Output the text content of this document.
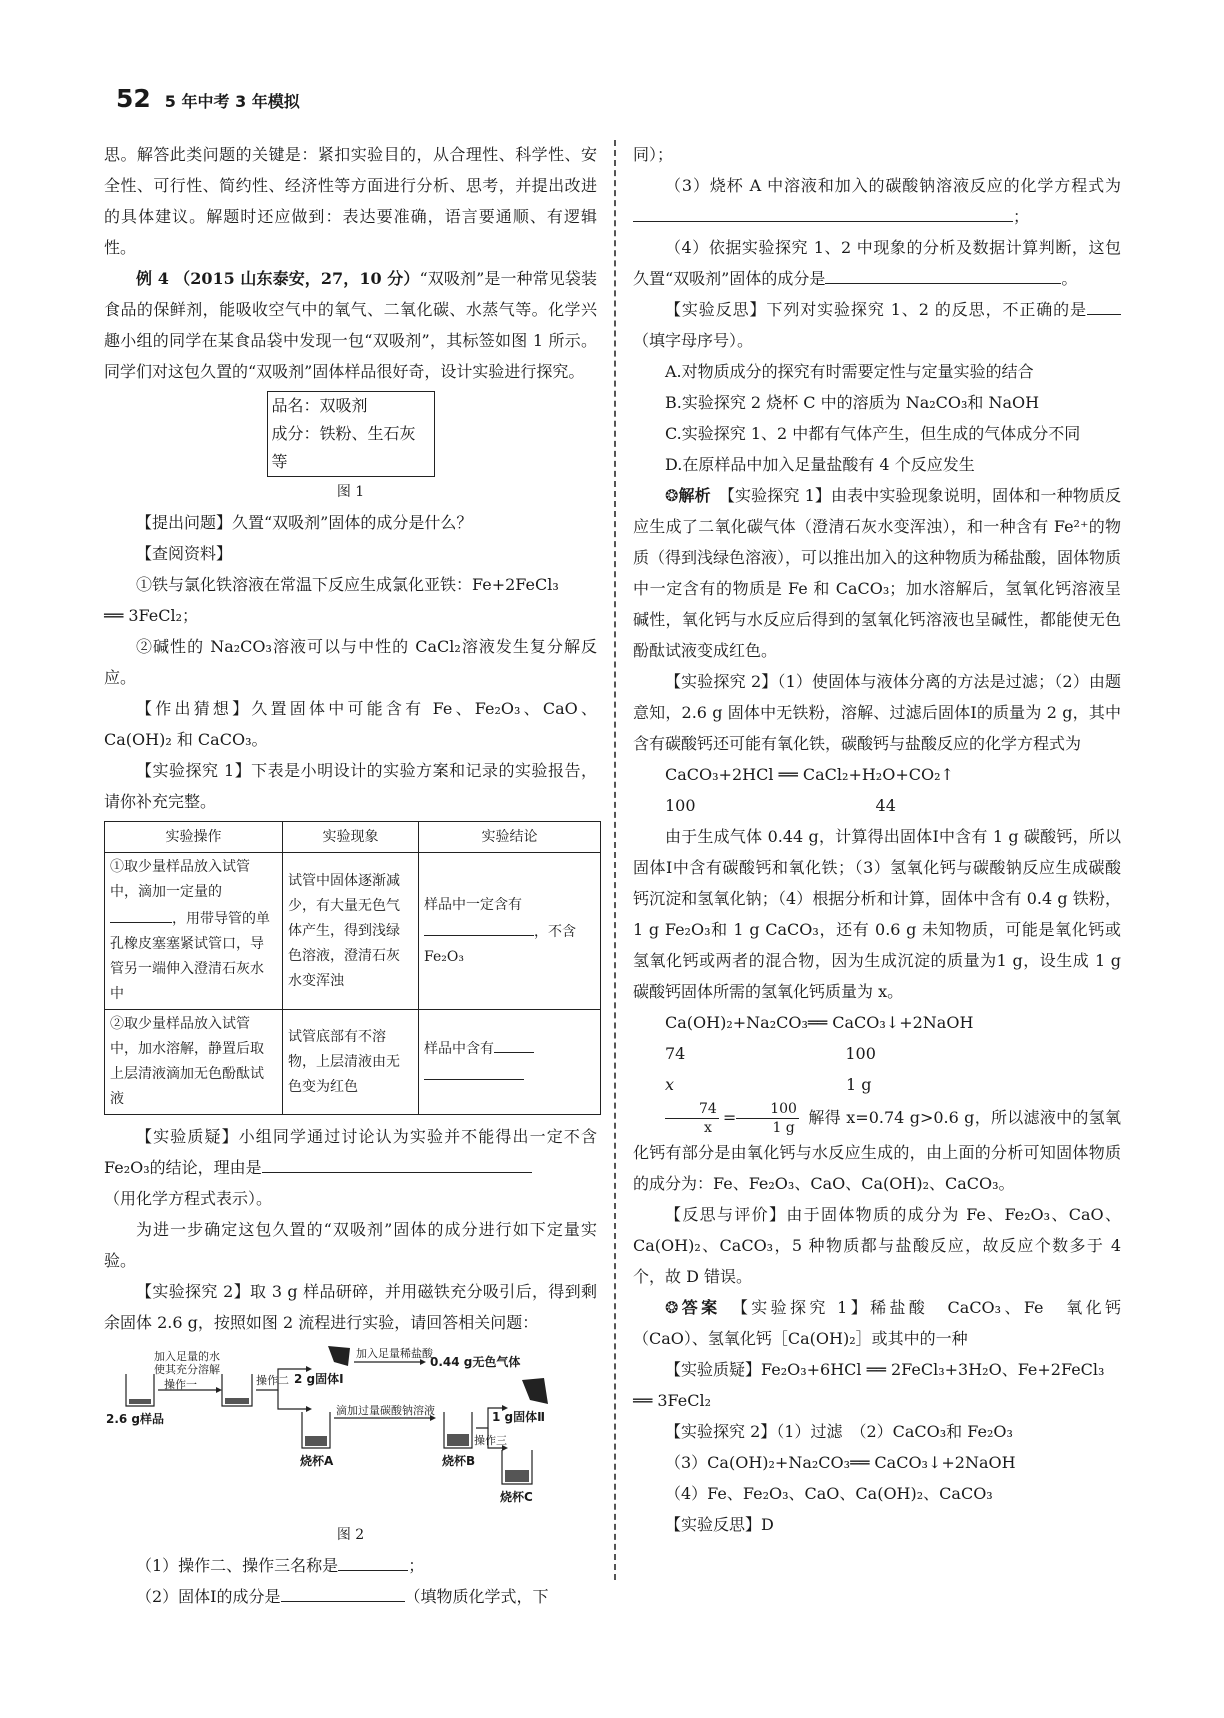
52 5 年中考 3 年模拟

思。解答此类问题的关键是：紧扣实验目的，从合理性、科学性、安全性、可行性、简约性、经济性等方面进行分析、思考，并提出改进的具体建议。解题时还应做到：表达要准确，语言要通顺、有逻辑性。

例 4 （2015 山东泰安，27，10 分）“双吸剂”是一种常见袋装食品的保鲜剂，能吸收空气中的氧气、二氧化碳、水蒸气等。化学兴趣小组的同学在某食品袋中发现一包“双吸剂”，其标签如图 1 所示。同学们对这包久置的“双吸剂”固体样品很好奇，设计实验进行探究。

品名：双吸剂
成分：铁粉、生石灰等
图 1

【提出问题】久置“双吸剂”固体的成分是什么？

【查阅资料】

①铁与氯化铁溶液在常温下反应生成氯化亚铁：Fe+2FeCl₃

══ 3FeCl₂；

②碱性的 Na₂CO₃溶液可以与中性的 CaCl₂溶液发生复分解反应。

【作出猜想】久置固体中可能含有 Fe、Fe₂O₃、CaO、Ca(OH)₂ 和 CaCO₃。

【实验探究 1】下表是小明设计的实验方案和记录的实验报告，请你补充完整。

实验操作	实验现象	实验结论
①取少量样品放入试管中，滴加一定量的，用带导管的单孔橡皮塞塞紧试管口，导管另一端伸入澄清石灰水中	试管中固体逐渐减少，有大量无色气体产生，得到浅绿色溶液，澄清石灰水变浑浊	样品中一定含有
，不含 Fe₂O₃
②取少量样品放入试管中，加水溶解，静置后取上层清液滴加无色酚酞试液	试管底部有不溶物，上层清液由无色变为红色	样品中含有

【实验质疑】小组同学通过讨论认为实验并不能得出一定不含 Fe₂O₃的结论，理由是
（用化学方程式表示）。

为进一步确定这包久置的“双吸剂”固体的成分进行如下定量实验。

【实验探究 2】取 3 g 样品研碎，并用磁铁充分吸引后，得到剩余固体 2.6 g，按照如图 2 流程进行实验，请回答相关问题：

加入足量的水
使其充分溶解
操作一
2.6 g样品
操作二 2 g固体Ⅰ
加入足量稀盐酸
0.44 g无色气体
滴加过量碳酸钠溶液
烧杯A	烧杯B
操作三
1 g固体Ⅱ
烧杯C
图 2

（1）操作二、操作三名称是	；

（2）固体Ⅰ的成分是	（填物质化学式，下

同）；

（3）烧杯 A 中溶液和加入的碳酸钠溶液反应的化学方程式为；

（4）依据实验探究 1、2 中现象的分析及数据计算判断，这包久置“双吸剂”固体的成分是	。

【实验反思】下列对实验探究 1、2 的反思，不正确的是（填字母序号）。

A.对物质成分的探究有时需要定性与定量实验的结合

B.实验探究 2 烧杯 C 中的溶质为 Na₂CO₃和 NaOH

C.实验探究 1、2 中都有气体产生，但生成的气体成分不同

D.在原样品中加入足量盐酸有 4 个反应发生

❂解析　 【实验探究 1】由表中实验现象说明，固体和一种物质反应生成了二氧化碳气体（澄清石灰水变浑浊），和一种含有 Fe²⁺的物质（得到浅绿色溶液），可以推出加入的这种物质为稀盐酸，固体物质中一定含有的物质是 Fe 和 CaCO₃；加水溶解后，氢氧化钙溶液呈碱性，氧化钙与水反应后得到的氢氧化钙溶液也呈碱性，都能使无色酚酞试液变成红色。

【实验探究 2】（1）使固体与液体分离的方法是过滤；（2）由题意知，2.6 g 固体中无铁粉，溶解、过滤后固体Ⅰ的质量为 2 g，其中含有碳酸钙还可能有氧化铁，碳酸钙与盐酸反应的化学方程式为

CaCO₃+2HCl ══ CaCl₂+H₂O+CO₂↑

100	44

由于生成气体 0.44 g，计算得出固体Ⅰ中含有 1 g 碳酸钙，所以固体Ⅰ中含有碳酸钙和氧化铁；（3）氢氧化钙与碳酸钠反应生成碳酸钙沉淀和氢氧化钠；（4）根据分析和计算，固体中含有 0.4 g 铁粉，1 g Fe₂O₃和 1 g CaCO₃，还有 0.6 g 未知物质，可能是氧化钙或氢氧化钙或两者的混合物，因为生成沉淀的质量为1 g，设生成 1 g 碳酸钙固体所需的氢氧化钙质量为 x。

Ca(OH)₂+Na₂CO₃══ CaCO₃↓+2NaOH

74	100

x	1 g

$\frac{74}{x} = \frac{100}{1 g}$ 解得 x=0.74 g>0.6 g，所以滤液中的氢氧化钙有部分是由氧化钙与水反应生成的，由上面的分析可知固体物质的成分为：Fe、Fe₂O₃、CaO、Ca(OH)₂、CaCO₃。

【反思与评价】由于固体物质的成分为 Fe、Fe₂O₃、CaO、Ca(OH)₂、CaCO₃，5 种物质都与盐酸反应，故反应个数多于 4 个，故 D 错误。

❂答案　 【实验探究 1】稀盐酸　CaCO₃、Fe　氧化钙（CaO）、氢氧化钙［Ca(OH)₂］或其中的一种

【实验质疑】Fe₂O₃+6HCl ══ 2FeCl₃+3H₂O、Fe+2FeCl₃

══ 3FeCl₂

【实验探究 2】（1）过滤　（2）CaCO₃和 Fe₂O₃

（3）Ca(OH)₂+Na₂CO₃══ CaCO₃↓+2NaOH

（4）Fe、Fe₂O₃、CaO、Ca(OH)₂、CaCO₃

【实验反思】D
